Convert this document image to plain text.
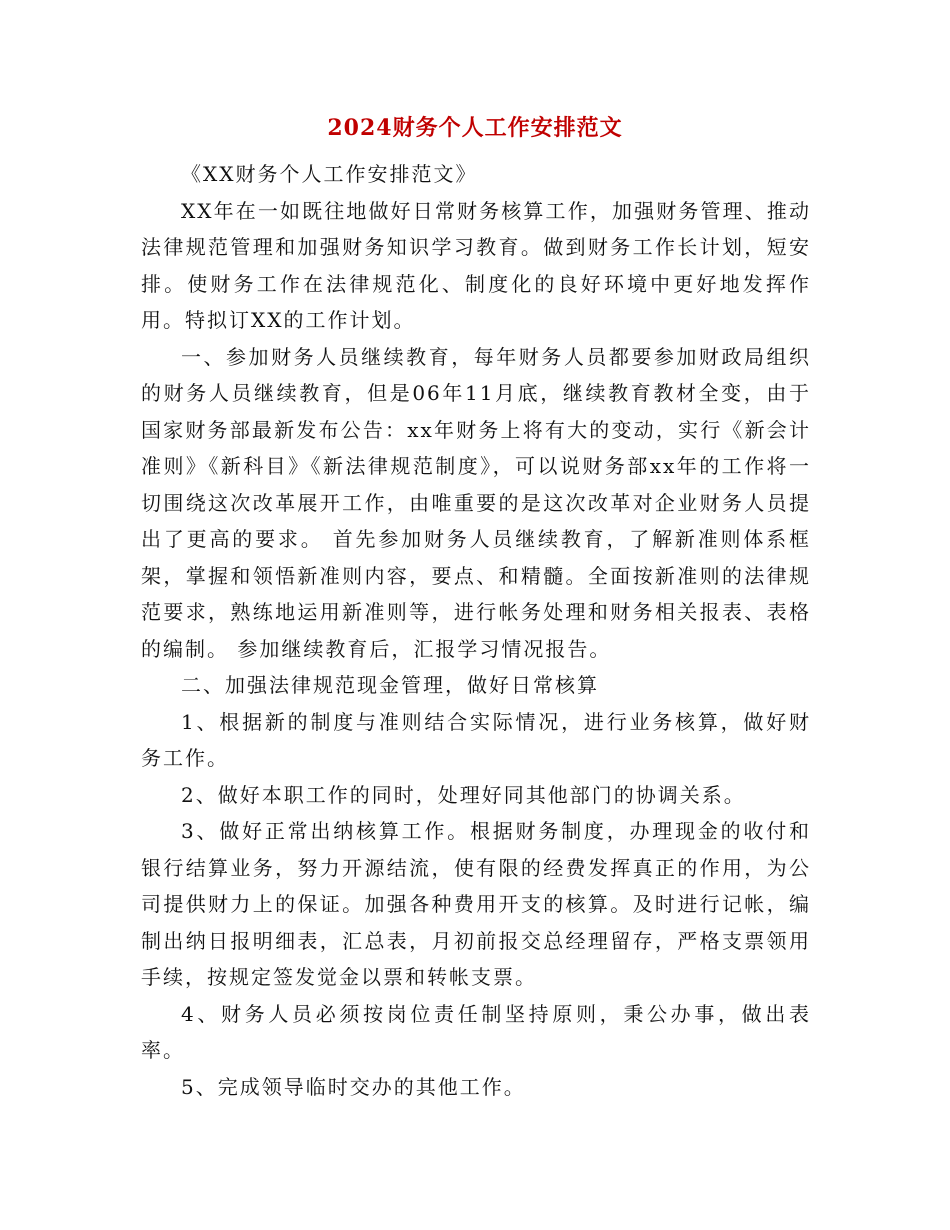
2024财务个人工作安排范文

《XX财务个人工作安排范文》

XX年在一如既往地做好日常财务核算工作，加强财务管理、推动法律规范管理和加强财务知识学习教育。做到财务工作长计划，短安排。使财务工作在法律规范化、制度化的良好环境中更好地发挥作用。特拟订XX的工作计划。

一、参加财务人员继续教育，每年财务人员都要参加财政局组织的财务人员继续教育，但是06年11月底，继续教育教材全变，由于国家财务部最新发布公告：xx年财务上将有大的变动，实行《新会计准则》《新科目》《新法律规范制度》，可以说财务部xx年的工作将一切围绕这次改革展开工作，由唯重要的是这次改革对企业财务人员提出了更高的要求。 首先参加财务人员继续教育，了解新准则体系框架，掌握和领悟新准则内容，要点、和精髓。全面按新准则的法律规范要求，熟练地运用新准则等，进行帐务处理和财务相关报表、表格的编制。 参加继续教育后，汇报学习情况报告。

二、加强法律规范现金管理，做好日常核算

1、根据新的制度与准则结合实际情况，进行业务核算，做好财务工作。

2、做好本职工作的同时，处理好同其他部门的协调关系。

3、做好正常出纳核算工作。根据财务制度，办理现金的收付和银行结算业务，努力开源结流，使有限的经费发挥真正的作用，为公司提供财力上的保证。加强各种费用开支的核算。及时进行记帐，编制出纳日报明细表，汇总表，月初前报交总经理留存，严格支票领用手续，按规定签发觉金以票和转帐支票。

4、财务人员必须按岗位责任制坚持原则，秉公办事，做出表率。

5、完成领导临时交办的其他工作。
